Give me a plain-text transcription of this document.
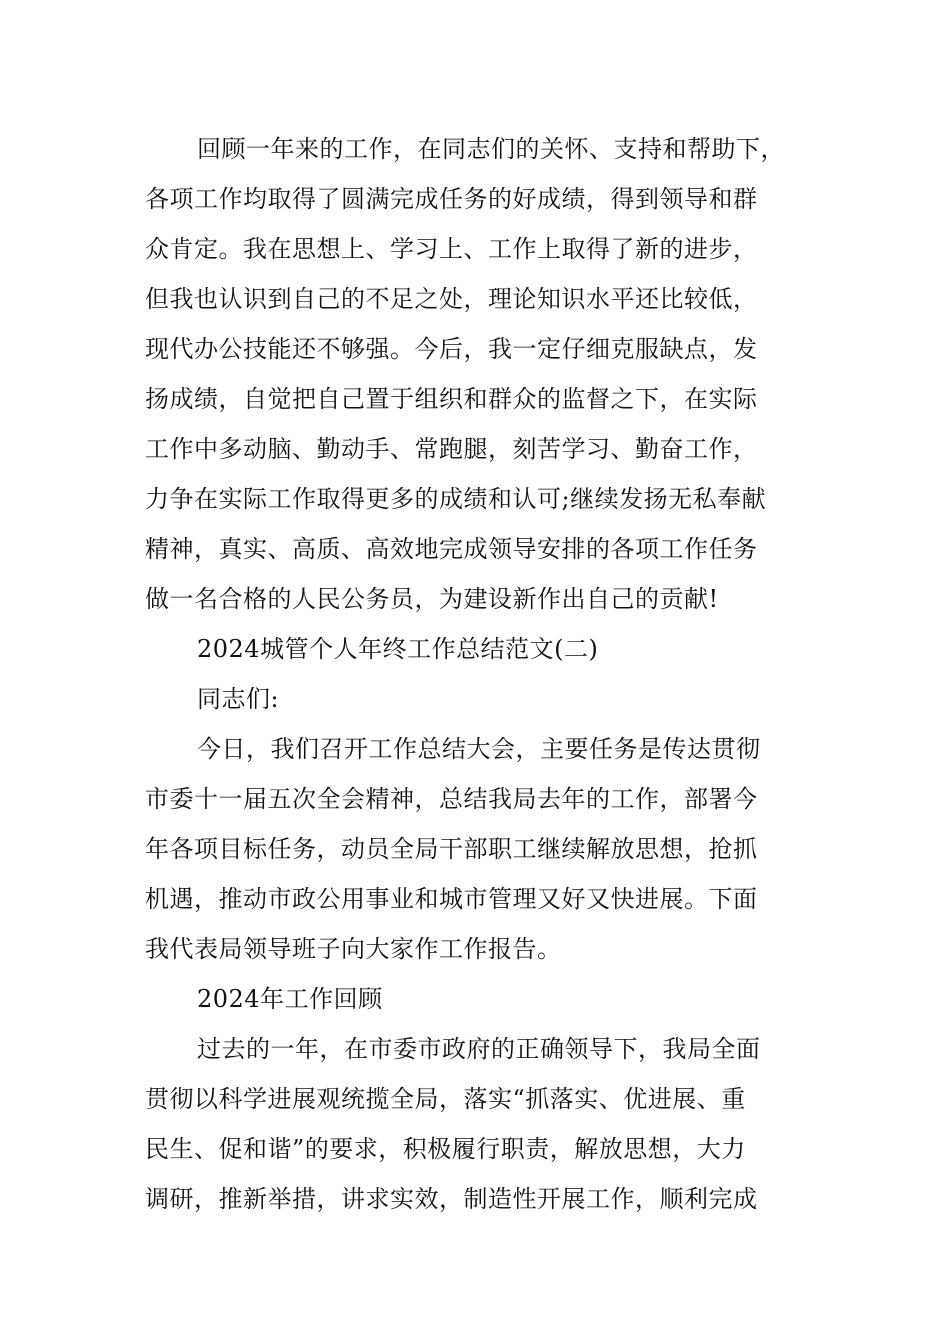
回顾一年来的工作，在同志们的关怀、支持和帮助下，
各项工作均取得了圆满完成任务的好成绩，得到领导和群
众肯定。我在思想上、学习上、工作上取得了新的进步，
但我也认识到自己的不足之处，理论知识水平还比较低，
现代办公技能还不够强。今后，我一定仔细克服缺点，发
扬成绩，自觉把自己置于组织和群众的监督之下，在实际
工作中多动脑、勤动手、常跑腿，刻苦学习、勤奋工作，
力争在实际工作取得更多的成绩和认可;继续发扬无私奉献
精神，真实、高质、高效地完成领导安排的各项工作任务
做一名合格的人民公务员，为建设新作出自己的贡献!
2024城管个人年终工作总结范文(二)
同志们:
今日，我们召开工作总结大会，主要任务是传达贯彻
市委十一届五次全会精神，总结我局去年的工作，部署今
年各项目标任务，动员全局干部职工继续解放思想，抢抓
机遇，推动市政公用事业和城市管理又好又快进展。下面
我代表局领导班子向大家作工作报告。
2024年工作回顾
过去的一年，在市委市政府的正确领导下，我局全面
贯彻以科学进展观统揽全局，落实“抓落实、优进展、重
民生、促和谐”的要求，积极履行职责，解放思想，大力
调研，推新举措，讲求实效，制造性开展工作，顺利完成
